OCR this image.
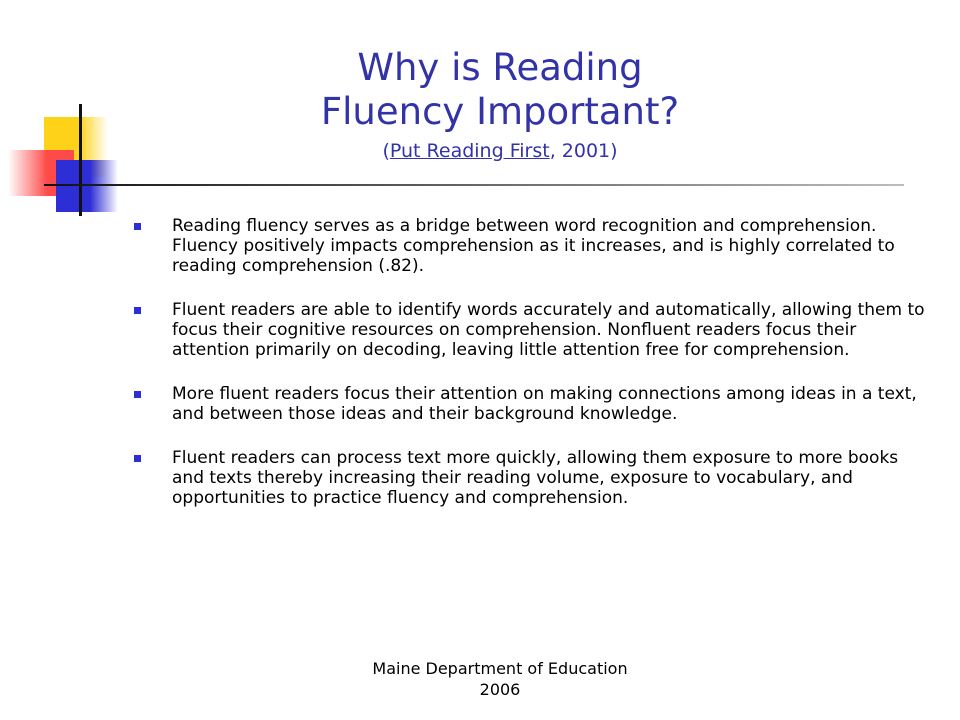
Why is Reading
Fluency Important?
(Put Reading First, 2001)
Reading fluency serves as a bridge between word recognition and comprehension. Fluency positively impacts comprehension as it increases, and is highly correlated to reading comprehension (.82).
Fluent readers are able to identify words accurately and automatically, allowing them to focus their cognitive resources on comprehension. Nonfluent readers focus their attention primarily on decoding, leaving little attention free for comprehension.
More fluent readers focus their attention on making connections among ideas in a text, and between those ideas and their background knowledge.
Fluent readers can process text more quickly, allowing them exposure to more books and texts thereby increasing their reading volume, exposure to vocabulary, and opportunities to practice fluency and comprehension.
Maine Department of Education
2006
